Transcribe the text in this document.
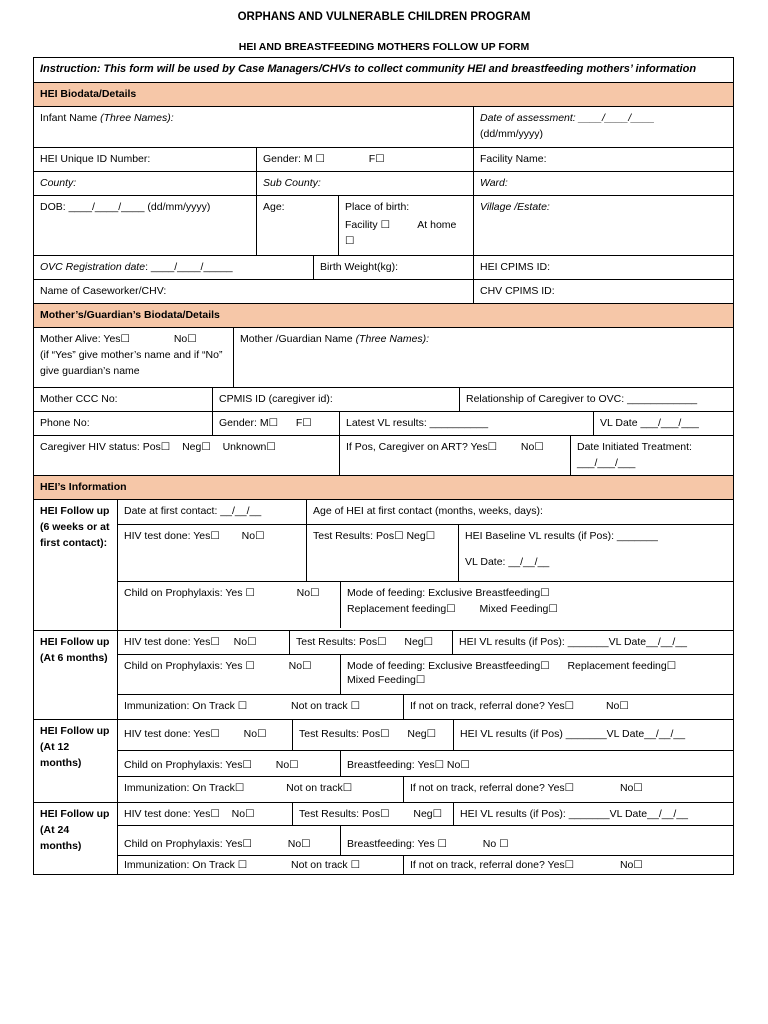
ORPHANS AND VULNERABLE CHILDREN PROGRAM
HEI AND BREASTFEEDING MOTHERS FOLLOW UP FORM
Instruction: This form will be used by Case Managers/CHVs to collect community HEI and breastfeeding mothers’ information
HEI Biodata/Details
Infant Name (Three Names):	Date of assessment: ____/____/____
(dd/mm/yyyy)
HEI Unique ID Number:	Gender: M ☐	F☐	Facility Name:
County:	Sub County:	Ward:
DOB: ____/____/____ (dd/mm/yyyy)	Age:	Place of birth:
Facility ☐	At home ☐
Village /Estate:
OVC Registration date: ____/____/_____	Birth Weight(kg):	HEI CPIMS ID:
Name of Caseworker/CHV:	CHV CPIMS ID:
Mother’s/Guardian’s Biodata/Details
Mother Alive: Yes☐	No☐
(if “Yes” give mother’s name and if “No” give guardian’s name
Mother /Guardian Name (Three Names):
Mother CCC No:	CPMIS ID (caregiver id):	Relationship of Caregiver to OVC: ____________
Phone No:	Gender: M☐ F☐	Latest VL results: __________	VL Date ___/___/___
Caregiver HIV status: Pos☐ Neg☐ Unknown☐	If Pos, Caregiver on ART? Yes☐ No☐	Date Initiated Treatment:
___/___/___
HEI’s Information
HEI Follow up (6 weeks or at first contact):
Date at first contact: __/__/__	Age of HEI at first contact (months, weeks, days):
HIV test done: Yes☐ No☐	Test Results: Pos☐ Neg☐	HEI Baseline VL results (if Pos): _______
VL Date: __/__/__
Child on Prophylaxis: Yes ☐	No☐	Mode of feeding: Exclusive Breastfeeding☐
Replacement feeding☐ Mixed Feeding☐
HEI Follow up (At 6 months)
HIV test done: Yes☐ No☐	Test Results: Pos☐ Neg☐	HEI VL results (if Pos): _______VL Date__/__/__
Child on Prophylaxis: Yes ☐	No☐	Mode of feeding: Exclusive Breastfeeding☐ Replacement feeding☐
Mixed Feeding☐
Immunization: On Track ☐	Not on track ☐	If not on track, referral done? Yes☐	No☐
HEI Follow up (At 12 months)
HIV test done: Yes☐ No☐	Test Results: Pos☐ Neg☐	HEI VL results (if Pos) _______VL Date__/__/__
Child on Prophylaxis: Yes☐ No☐	Breastfeeding: Yes☐ No☐
Immunization: On Track☐	Not on track☐	If not on track, referral done? Yes☐	No☐
HEI Follow up (At 24 months)
HIV test done: Yes☐ No☐	Test Results: Pos☐ Neg☐	HEI VL results (if Pos): _______VL Date__/__/__
Child on Prophylaxis: Yes☐	No☐	Breastfeeding: Yes ☐	No ☐
Immunization: On Track ☐	Not on track ☐	If not on track, referral done? Yes☐	No☐
